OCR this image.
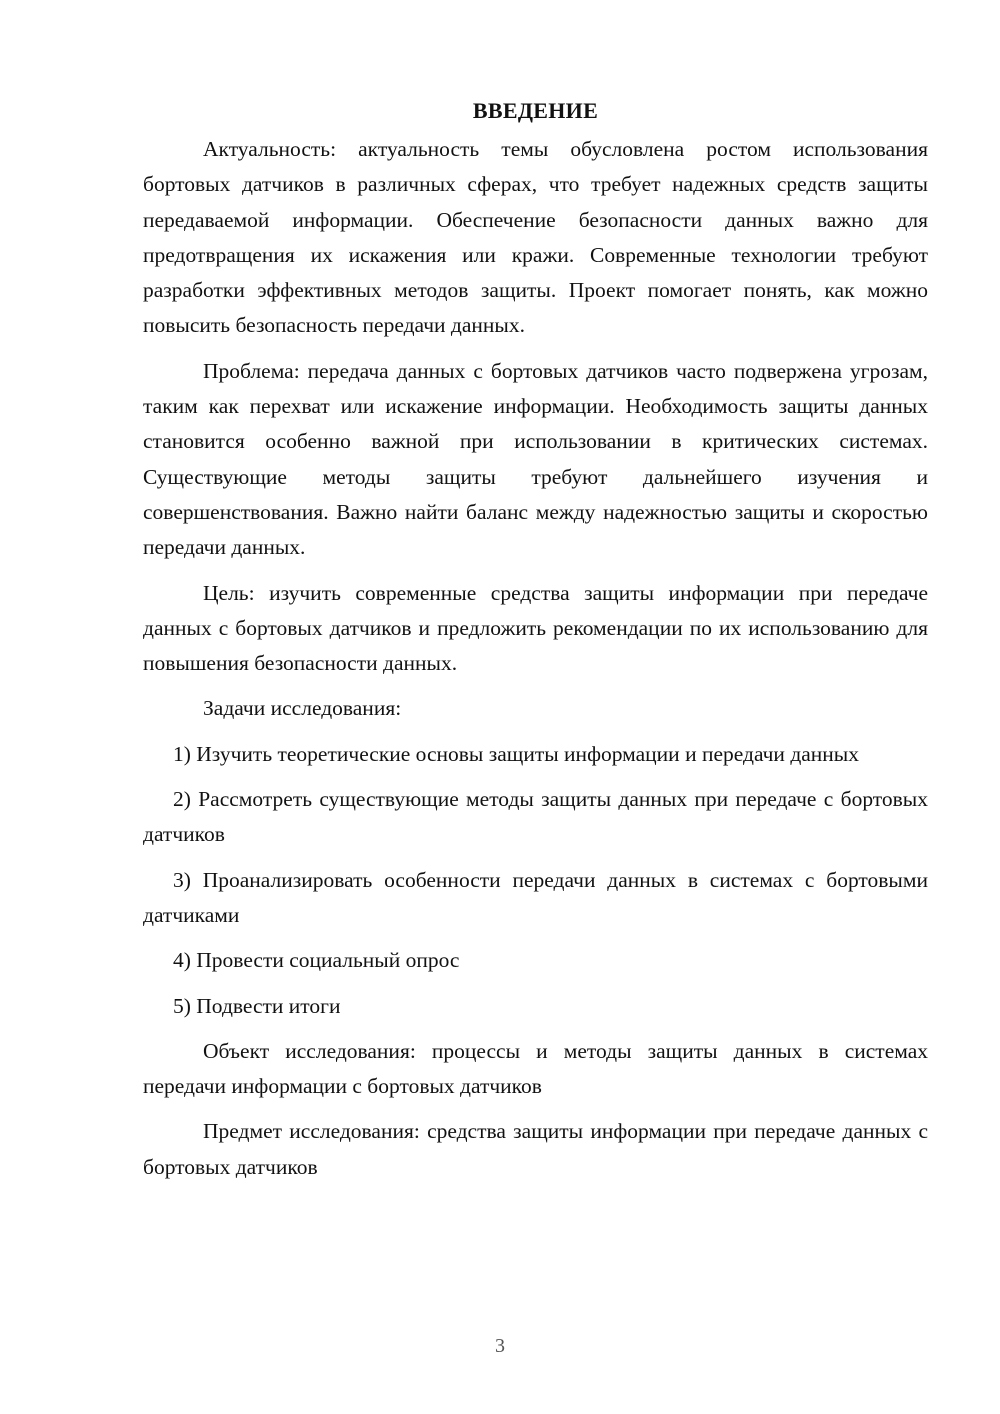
ВВЕДЕНИЕ

Актуальность: актуальность темы обусловлена ростом использования бортовых датчиков в различных сферах, что требует надежных средств защиты передаваемой информации. Обеспечение безопасности данных важно для предотвращения их искажения или кражи. Современные технологии требуют разработки эффективных методов защиты. Проект помогает понять, как можно повысить безопасность передачи данных.

Проблема: передача данных с бортовых датчиков часто подвержена угрозам, таким как перехват или искажение информации. Необходимость защиты данных становится особенно важной при использовании в критических системах. Существующие методы защиты требуют дальнейшего изучения и совершенствования. Важно найти баланс между надежностью защиты и скоростью передачи данных.

Цель: изучить современные средства защиты информации при передаче данных с бортовых датчиков и предложить рекомендации по их использованию для повышения безопасности данных.

Задачи исследования:

1) Изучить теоретические основы защиты информации и передачи данных

2) Рассмотреть существующие методы защиты данных при передаче с бортовых датчиков

3) Проанализировать особенности передачи данных в системах с бортовыми датчиками

4) Провести социальный опрос

5) Подвести итоги

Объект исследования: процессы и методы защиты данных в системах передачи информации с бортовых датчиков

Предмет исследования: средства защиты информации при передаче данных с бортовых датчиков

3
